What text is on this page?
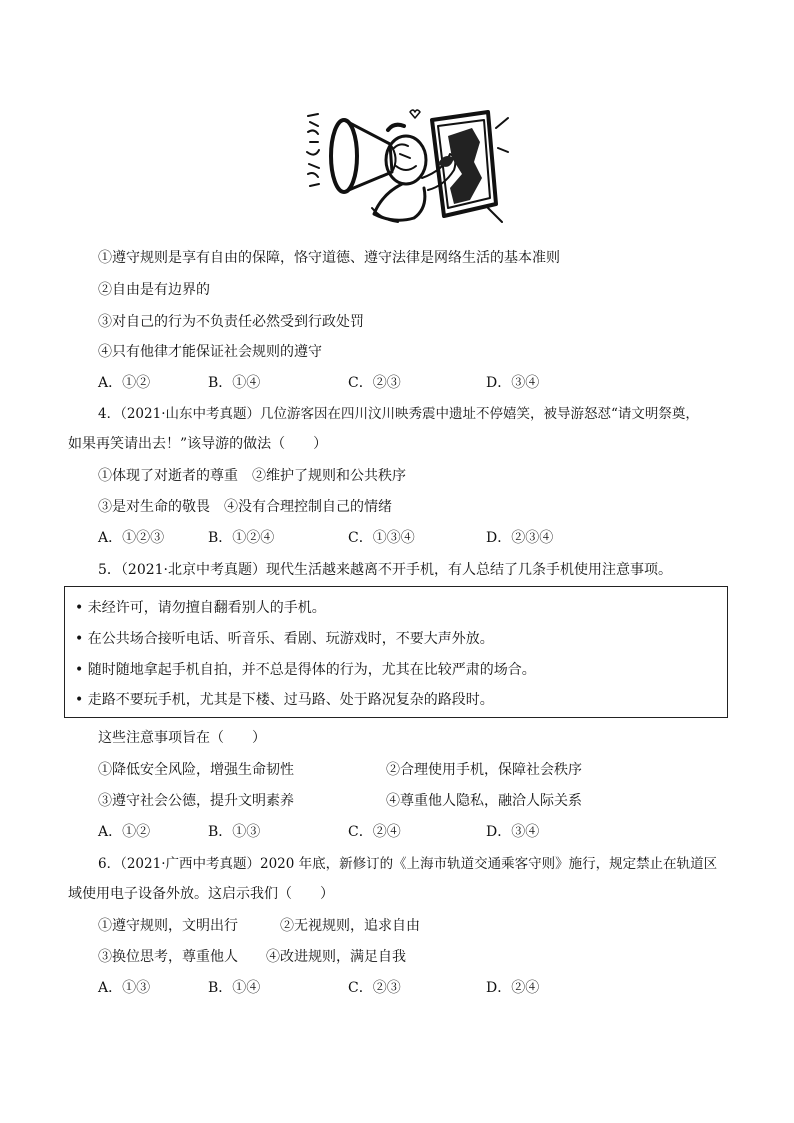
①遵守规则是享有自由的保障，恪守道德、遵守法律是网络生活的基本准则
②自由是有边界的
③对自己的行为不负责任必然受到行政处罚
④只有他律才能保证社会规则的遵守
A．①②	B．①④	C．②③	D．③④
4．（2021·山东中考真题）几位游客因在四川汶川映秀震中遗址不停嬉笑，被导游怒怼“请文明祭奠，
如果再笑请出去！”该导游的做法（　　）
①体现了对逝者的尊重　②维护了规则和公共秩序
③是对生命的敬畏　④没有合理控制自己的情绪
A．①②③	B．①②④	C．①③④	D．②③④
5．（2021·北京中考真题）现代生活越来越离不开手机，有人总结了几条手机使用注意事项。
• 未经许可，请勿擅自翻看别人的手机。
• 在公共场合接听电话、听音乐、看剧、玩游戏时，不要大声外放。
• 随时随地拿起手机自拍，并不总是得体的行为，尤其在比较严肃的场合。
• 走路不要玩手机，尤其是下楼、过马路、处于路况复杂的路段时。
这些注意事项旨在（　　）
①降低安全风险，增强生命韧性	②合理使用手机，保障社会秩序
③遵守社会公德，提升文明素养	④尊重他人隐私，融洽人际关系
A．①②	B．①③	C．②④	D．③④
6．（2021·广西中考真题）2020 年底，新修订的《上海市轨道交通乘客守则》施行，规定禁止在轨道区
域使用电子设备外放。这启示我们（　　）
①遵守规则，文明出行　　　②无视规则，追求自由
③换位思考，尊重他人　　④改进规则，满足自我
A．①③	B．①④	C．②③	D．②④
